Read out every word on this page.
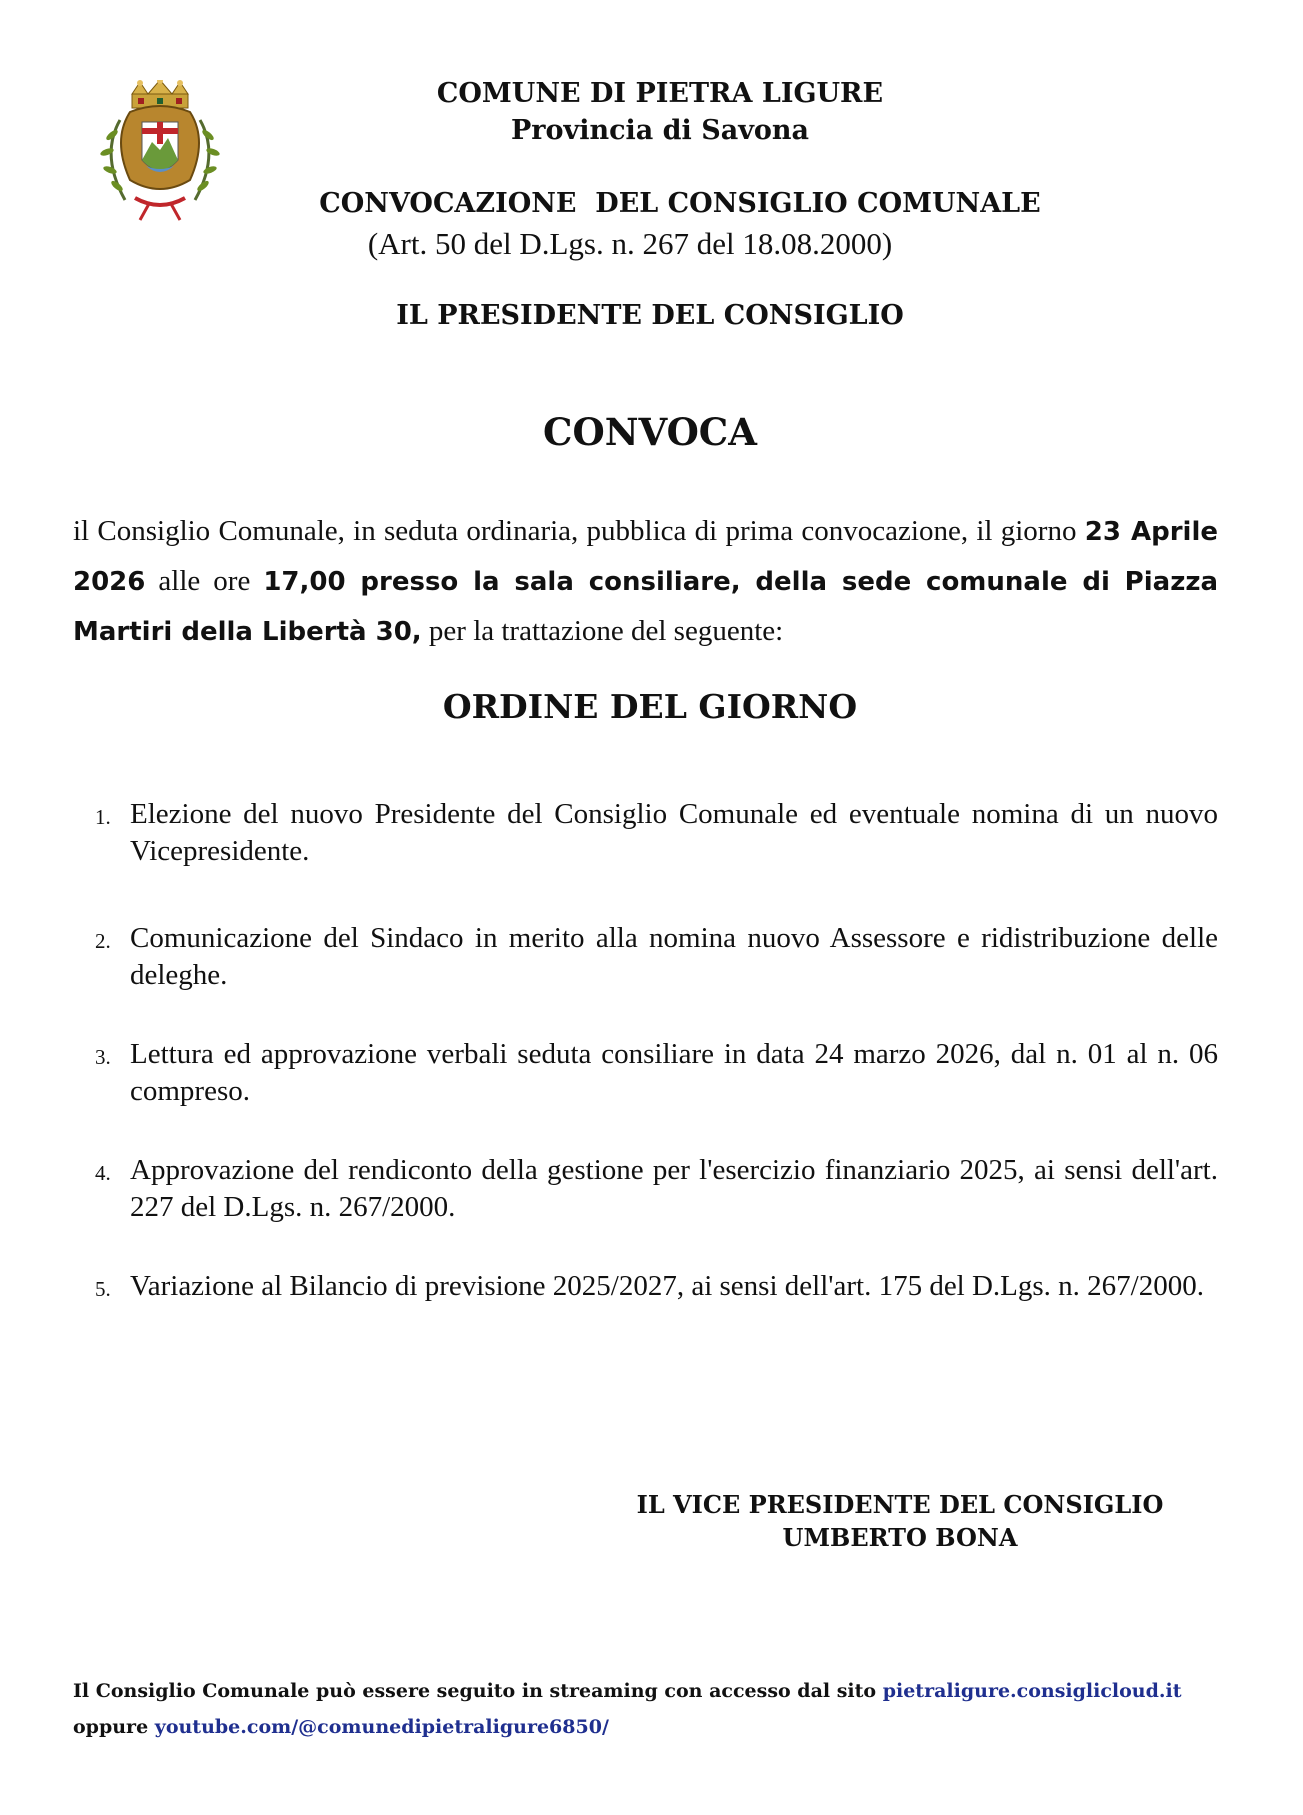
COMUNE DI PIETRA LIGURE
Provincia di Savona
CONVOCAZIONE  DEL CONSIGLIO COMUNALE
(Art. 50 del D.Lgs. n. 267 del 18.08.2000)
IL PRESIDENTE DEL CONSIGLIO
CONVOCA
il Consiglio Comunale, in seduta ordinaria, pubblica di prima convocazione, il giorno 23 Aprile 2026 alle ore 17,00 presso la sala consiliare, della sede comunale di Piazza Martiri della Libertà 30, per la trattazione del seguente:
ORDINE DEL GIORNO
1. Elezione del nuovo Presidente del Consiglio Comunale ed eventuale nomina di un nuovo Vicepresidente.
2. Comunicazione del Sindaco in merito alla nomina nuovo Assessore e ridistribuzione delle deleghe.
3. Lettura ed approvazione verbali seduta consiliare in data 24 marzo 2026, dal n. 01 al n. 06 compreso.
4. Approvazione del rendiconto della gestione per l'esercizio finanziario 2025, ai sensi dell'art. 227 del D.Lgs. n. 267/2000.
5. Variazione al Bilancio di previsione 2025/2027, ai sensi dell'art. 175 del D.Lgs. n. 267/2000.
IL VICE PRESIDENTE DEL CONSIGLIO
UMBERTO BONA
Il Consiglio Comunale può essere seguito in streaming con accesso dal sito pietraligure.consiglicloud.it
oppure youtube.com/@comunedipietraligure6850/
